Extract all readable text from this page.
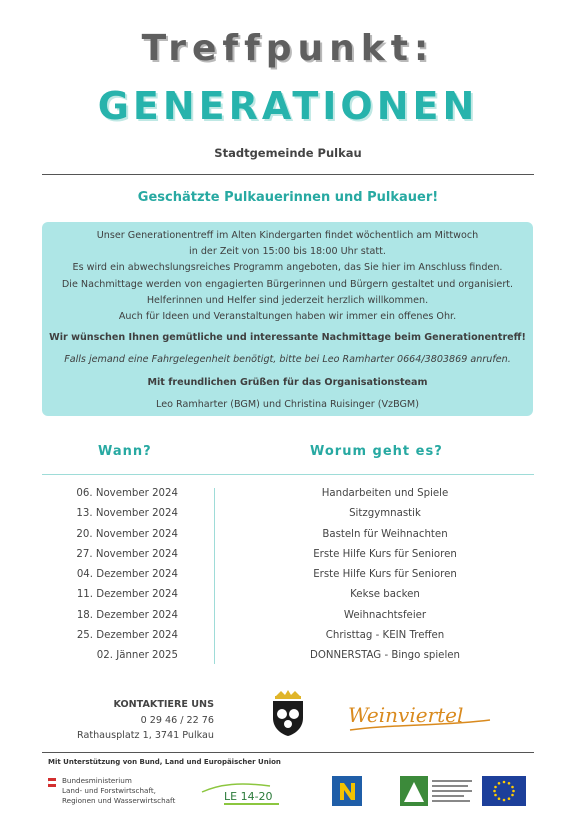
Treffpunkt:
GENERATIONEN
Stadtgemeinde Pulkau
Geschätzte Pulkauerinnen und Pulkauer!
Unser Generationentreff im Alten Kindergarten findet wöchentlich am Mittwoch
in der Zeit von 15:00 bis 18:00 Uhr statt.
Es wird ein abwechslungsreiches Programm angeboten, das Sie hier im Anschluss finden.
Die Nachmittage werden von engagierten Bürgerinnen und Bürgern gestaltet und organisiert.
Helferinnen und Helfer sind jederzeit herzlich willkommen.
Auch für Ideen und Veranstaltungen haben wir immer ein offenes Ohr.
Wir wünschen Ihnen gemütliche und interessante Nachmittage beim Generationentreff!
Falls jemand eine Fahrgelegenheit benötigt, bitte bei Leo Ramharter 0664/3803869 anrufen.
Mit freundlichen Grüßen für das Organisationsteam
Leo Ramharter (BGM) und Christina Ruisinger (VzBGM)
Wann?	Worum geht es?
06. November 2024
13. November 2024
20. November 2024
27. November 2024
04. Dezember 2024
11. Dezember 2024
18. Dezember 2024
25. Dezember 2024
02. Jänner 2025
Handarbeiten und Spiele
Sitzgymnastik
Basteln für Weihnachten
Erste Hilfe Kurs für Senioren
Erste Hilfe Kurs für Senioren
Kekse backen
Weihnachtsfeier
Christtag - KEIN Treffen
DONNERSTAG - Bingo spielen
KONTAKTIERE UNS
0 29 46 / 22 76
Rathausplatz 1, 3741 Pulkau
Weinviertel
Mit Unterstützung von Bund, Land und Europäischer Union
Bundesministerium
Land- und Forstwirtschaft,
Regionen und Wasserwirtschaft	LE 14-20
